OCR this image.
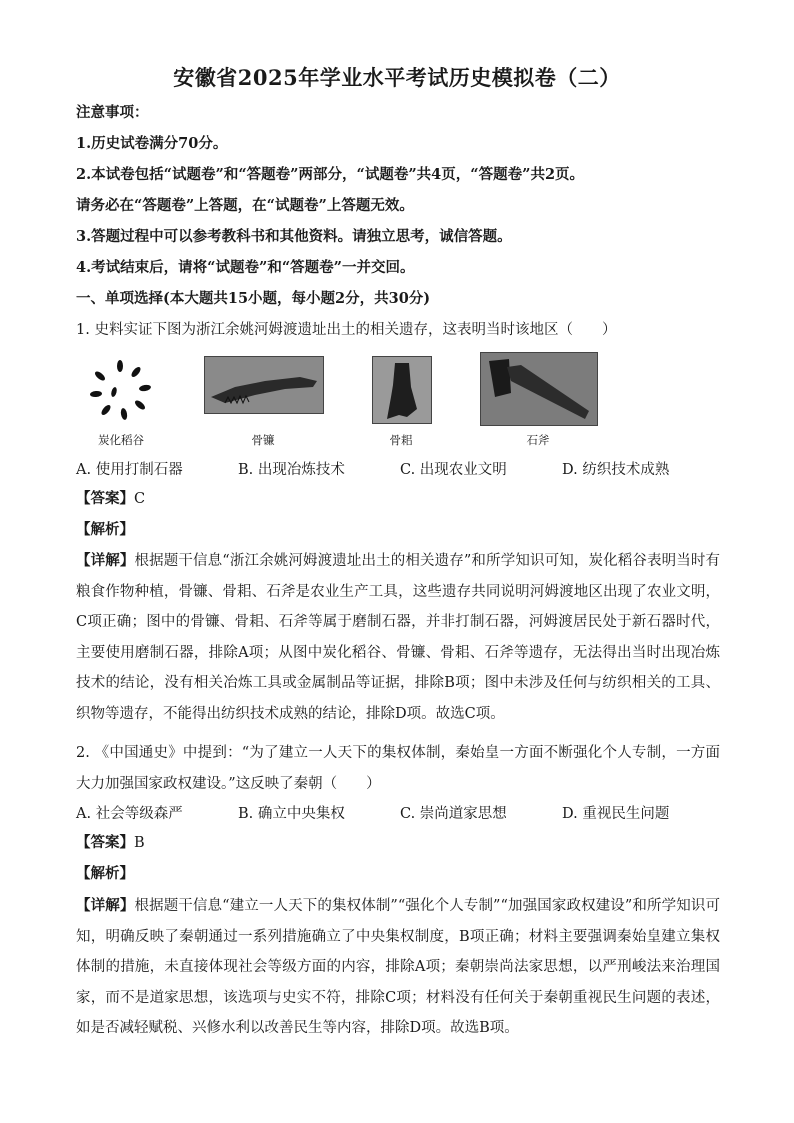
安徽省2025年学业水平考试历史模拟卷（二）
注意事项：
1.历史试卷满分70分。
2.本试卷包括“试题卷”和“答题卷”两部分，“试题卷”共4页，“答题卷”共2页。
请务必在“答题卷”上答题，在“试题卷”上答题无效。
3.答题过程中可以参考教科书和其他资料。请独立思考，诚信答题。
4.考试结束后，请将“试题卷”和“答题卷”一并交回。
一、单项选择(本大题共15小题，每小题2分，共30分)
1. 史料实证下图为浙江余姚河姆渡遗址出土的相关遗存，这表明当时该地区（　　）
炭化稻谷	骨镰	骨耜	石斧
A. 使用打制石器	B. 出现冶炼技术	C. 出现农业文明	D. 纺织技术成熟
【答案】C
【解析】
【详解】根据题干信息“浙江余姚河姆渡遗址出土的相关遗存”和所学知识可知，炭化稻谷表明当时有粮食作物种植，骨镰、骨耜、石斧是农业生产工具，这些遗存共同说明河姆渡地区出现了农业文明，C项正确；图中的骨镰、骨耜、石斧等属于磨制石器，并非打制石器，河姆渡居民处于新石器时代，主要使用磨制石器，排除A项；从图中炭化稻谷、骨镰、骨耜、石斧等遗存，无法得出当时出现冶炼技术的结论，没有相关冶炼工具或金属制品等证据，排除B项；图中未涉及任何与纺织相关的工具、织物等遗存，不能得出纺织技术成熟的结论，排除D项。故选C项。
2. 《中国通史》中提到：“为了建立一人天下的集权体制，秦始皇一方面不断强化个人专制，一方面大力加强国家政权建设。”这反映了秦朝（　　）
A. 社会等级森严	B. 确立中央集权	C. 崇尚道家思想	D. 重视民生问题
【答案】B
【解析】
【详解】根据题干信息“建立一人天下的集权体制”“强化个人专制”“加强国家政权建设”和所学知识可知，明确反映了秦朝通过一系列措施确立了中央集权制度，B项正确；材料主要强调秦始皇建立集权体制的措施，未直接体现社会等级方面的内容，排除A项；秦朝崇尚法家思想，以严刑峻法来治理国家，而不是道家思想，该选项与史实不符，排除C项；材料没有任何关于秦朝重视民生问题的表述，如是否减轻赋税、兴修水利以改善民生等内容，排除D项。故选B项。
